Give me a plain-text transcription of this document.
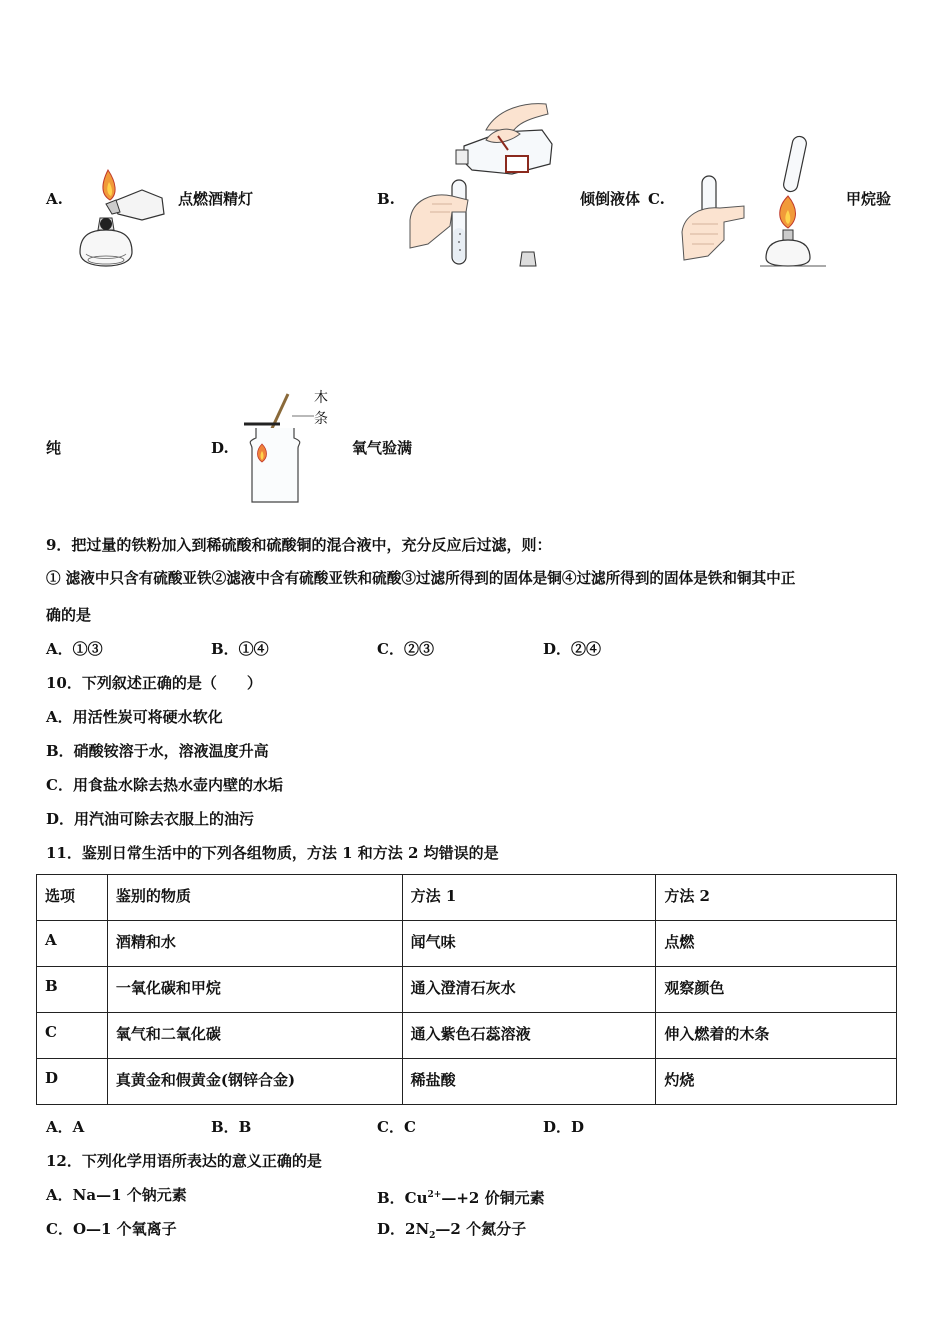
A.	点燃酒精灯	B.	倾倒液体 C.	甲烷验
纯	D.
木
条
氧气验满
9．把过量的铁粉加入到稀硫酸和硫酸铜的混合液中，充分反应后过滤，则：
① 滤液中只含有硫酸亚铁②滤液中含有硫酸亚铁和硫酸③过滤所得到的固体是铜④过滤所得到的固体是铁和铜其中正
确的是
A．①③	B．①④	C．②③	D．②④
10．下列叙述正确的是（　　）
A．用活性炭可将硬水软化
B．硝酸铵溶于水，溶液温度升高
C．用食盐水除去热水壶内壁的水垢
D．用汽油可除去衣服上的油污
11．鉴别日常生活中的下列各组物质，方法 1 和方法 2 均错误的是
选项	鉴别的物质	方法 1	方法 2
A	酒精和水	闻气味	点燃
B	一氧化碳和甲烷	通入澄清石灰水	观察颜色
C	氧气和二氧化碳	通入紫色石蕊溶液	伸入燃着的木条
D	真黄金和假黄金(钢锌合金)	稀盐酸	灼烧
A．A	B．B	C．C	D．D
12．下列化学用语所表达的意义正确的是
A．Na—1 个钠元素	B．$Cu^{2+}—+2$ 价铜元素
C．O—1 个氧离子	D．$2N_2—2$ 个氮分子
